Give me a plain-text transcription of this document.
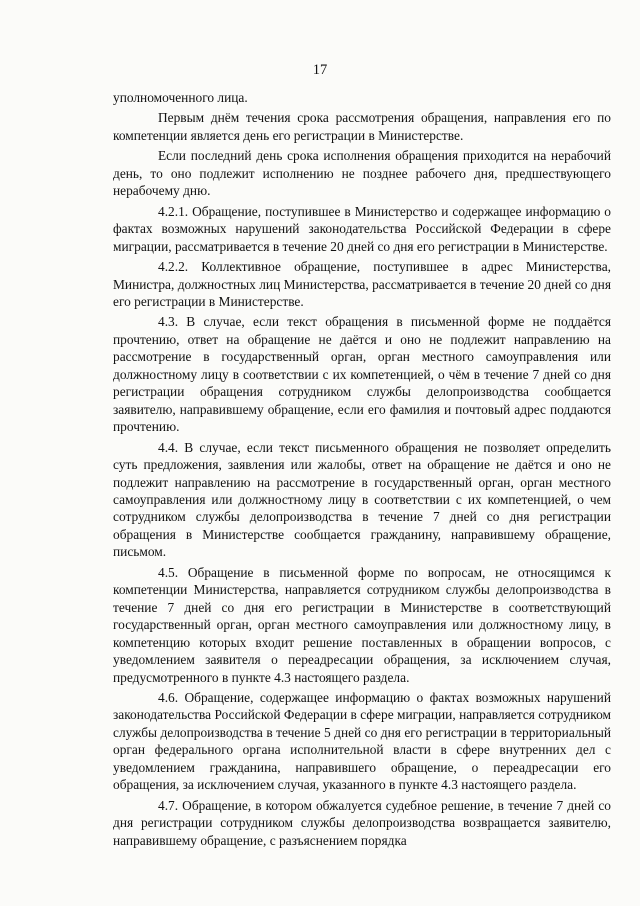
17

уполномоченного лица.

Первым днём течения срока рассмотрения обращения, направления его по компетенции является день его регистрации в Министерстве.

Если последний день срока исполнения обращения приходится на нерабочий день, то оно подлежит исполнению не позднее рабочего дня, предшествующего нерабочему дню.

4.2.1. Обращение, поступившее в Министерство и содержащее информацию о фактах возможных нарушений законодательства Российской Федерации в сфере миграции, рассматривается в течение 20 дней со дня его регистрации в Министерстве.

4.2.2. Коллективное обращение, поступившее в адрес Министерства, Министра, должностных лиц Министерства, рассматривается в течение 20 дней со дня его регистрации в Министерстве.

4.3. В случае, если текст обращения в письменной форме не поддаётся прочтению, ответ на обращение не даётся и оно не подлежит направлению на рассмотрение в государственный орган, орган местного самоуправления или должностному лицу в соответствии с их компетенцией, о чём в течение 7 дней со дня регистрации обращения сотрудником службы делопроизводства сообщается заявителю, направившему обращение, если его фамилия и почтовый адрес поддаются прочтению.

4.4. В случае, если текст письменного обращения не позволяет определить суть предложения, заявления или жалобы, ответ на обращение не даётся и оно не подлежит направлению на рассмотрение в государственный орган, орган местного самоуправления или должностному лицу в соответствии с их компетенцией, о чем сотрудником службы делопроизводства в течение 7 дней со дня регистрации обращения в Министерстве сообщается гражданину, направившему обращение, письмом.

4.5. Обращение в письменной форме по вопросам, не относящимся к компетенции Министерства, направляется сотрудником службы делопроизводства в течение 7 дней со дня его регистрации в Министерстве в соответствующий государственный орган, орган местного самоуправления или должностному лицу, в компетенцию которых входит решение поставленных в обращении вопросов, с уведомлением заявителя о переадресации обращения, за исключением случая, предусмотренного в пункте 4.3 настоящего раздела.

4.6. Обращение, содержащее информацию о фактах возможных нарушений законодательства Российской Федерации в сфере миграции, направляется сотрудником службы делопроизводства в течение 5 дней со дня его регистрации в территориальный орган федерального органа исполнительной власти в сфере внутренних дел с уведомлением гражданина, направившего обращение, о переадресации его обращения, за исключением случая, указанного в пункте 4.3 настоящего раздела.

4.7. Обращение, в котором обжалуется судебное решение, в течение 7 дней со дня регистрации сотрудником службы делопроизводства возвращается заявителю, направившему обращение, с разъяснением порядка
